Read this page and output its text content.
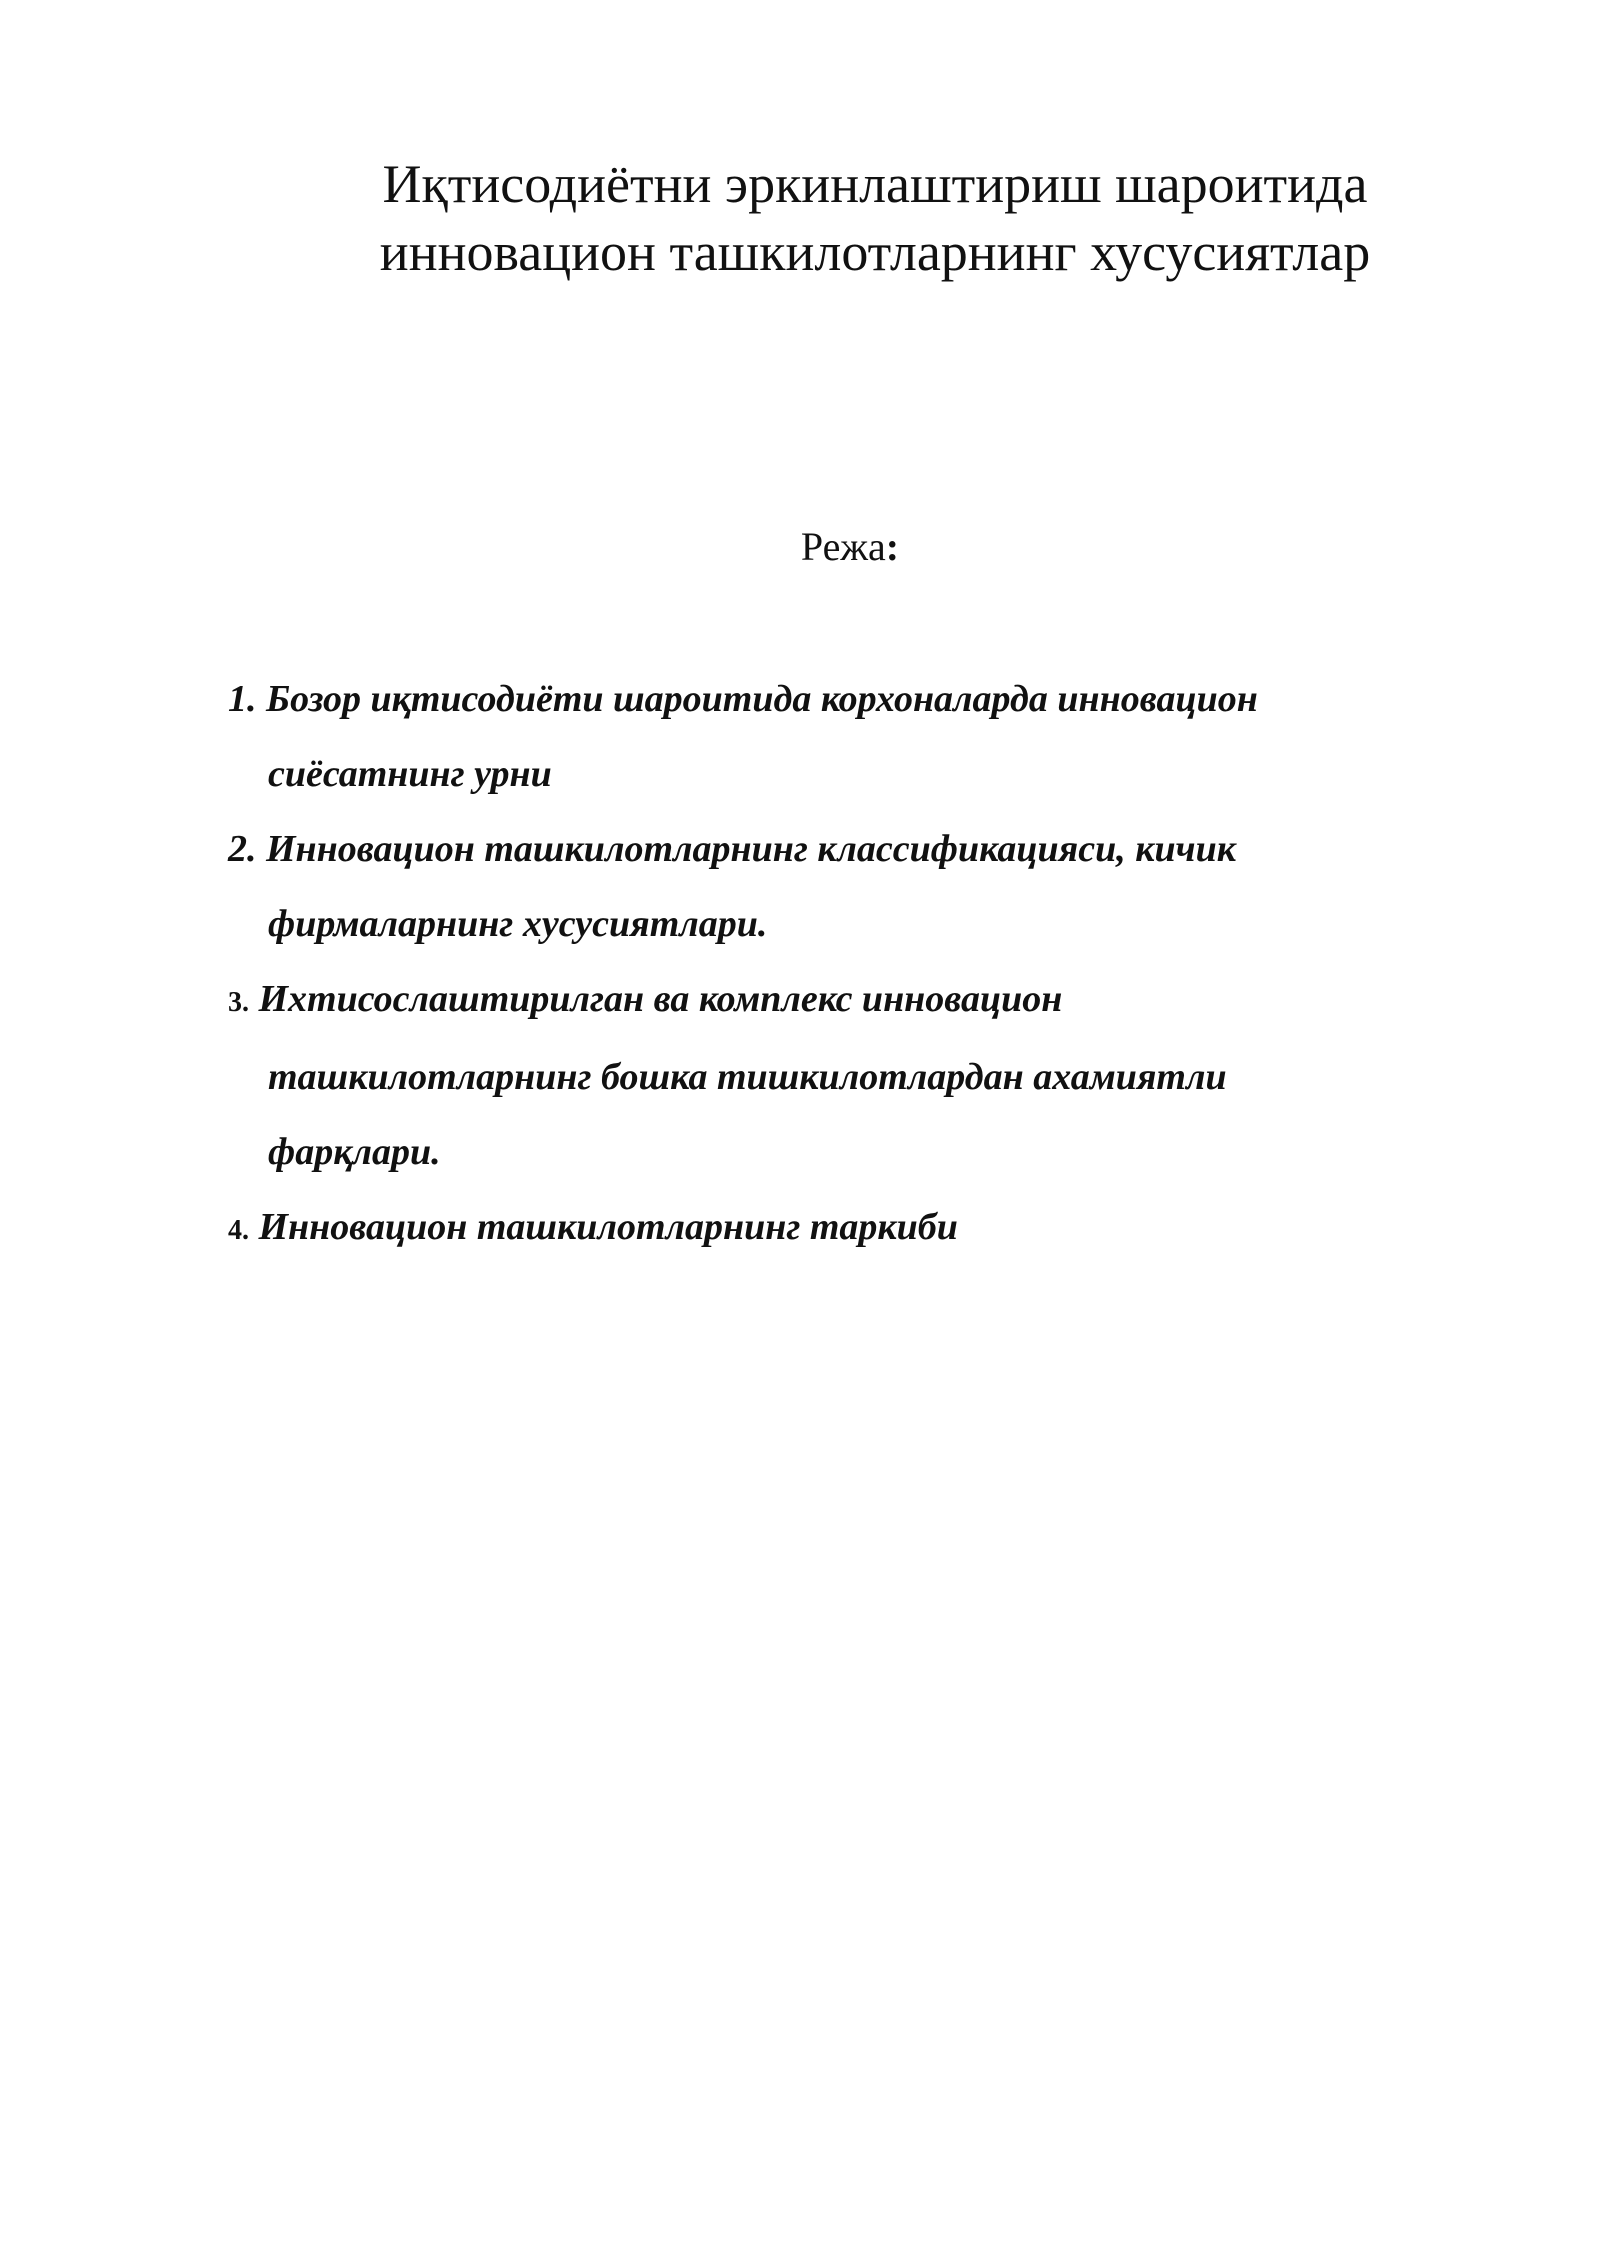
Иқтисодиётни эркинлаштириш шароитида
инновацион ташкилотларнинг хусусиятлар
Режа:
1. Бозор иқтисодиёти шароитида корхоналарда инновацион
сиёсатнинг урни
2. Инновацион ташкилотларнинг классификацияси, кичик
фирмаларнинг хусусиятлари.
3. Ихтисослаштирилган ва комплекс инновацион
ташкилотларнинг бошка тишкилотлардан ахамиятли
фарқлари.
4. Инновацион ташкилотларнинг таркиби
